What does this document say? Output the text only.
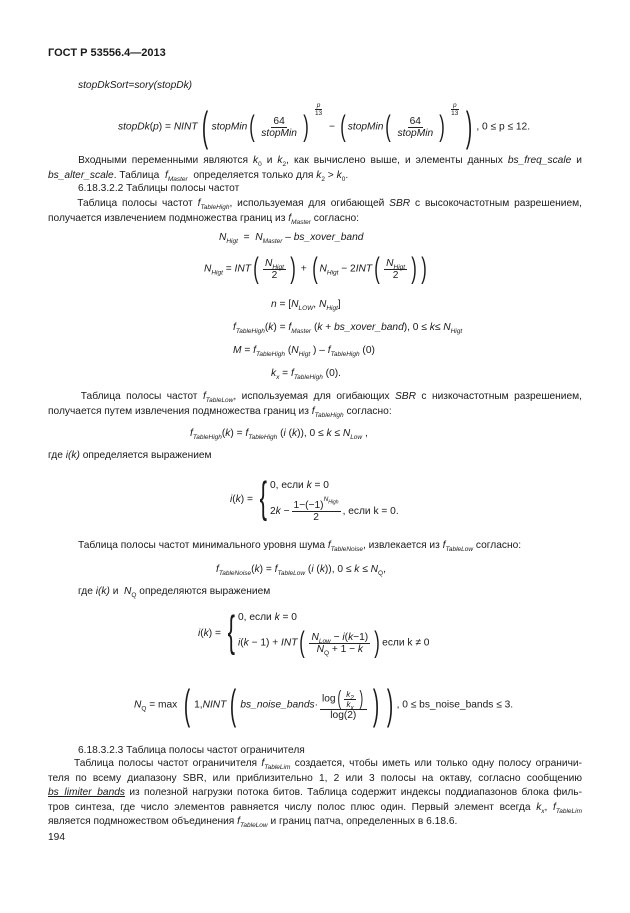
ГОСТ Р 53556.4—2013
stopDkSort=sory(stopDk)
stopDk(p) = NINT( stopMin( $\frac{64}{\text{stopMin}}$ )
$^{\frac{p}{13}}$
− ( stopMin( $\frac{64}{\text{stopMin}}$ )
$^{\frac{p}{13}}$ ) , 0 ≤ p ≤ 12.
Входными переменными являются $k_0$ и $k_2$, как вычислено выше, и элементы данных bs_freq_scale и
bs_alter_scale. Таблица  $f_{Master}$  определяется только для $k_2 > k_0$.
6.18.3.2.2 Таблицы полосы частот
Таблица полосы частот $f_{TableHigh}$, используемая для огибающей SBR с высокочастотным разрешением,
получается извлечением подмножества границ из $f_{Master}$ согласно:
$N_{Higt} = N_{Master}$ – bs_xover_band
$N_{Higt} = INT( \frac{N_{Higt}}{2}$ ) + ( $N_{Higt} - 2INT( \frac{N_{Higt}}{2}$ ) )
$n = [N_{LOW}$, $N_{Higt}$]
$f_{TableHigh}(k) = f_{Master}$ (k + bs_xover_band), $0 \le k\le N_{Higt}$
$M = f_{TableHigh}$ ($N_{Higt}$ ) – $f_{TableHigh}$ (0)
$k_x = f_{TableHigh}$ (0).
Таблица полосы частот $f_{TableLow}$, используемая для огибающих SBR с низкочастотным разрешением,
получается путем извлечения подмножества границ из $f_{TableHigh}$ согласно:
$f_{TableHigh}(k) = f_{TableHigh}$ (i (k)), $0 \le k \le N_{Low}$ ,
где i(k) определяется выражением
i(k) = { 0, если k = 0
$2k - \frac{1-(-1)^{N_{High}}}{2}$ , если k = 0.
Таблица полосы частот минимального уровня шума $f_{TableNoise}$, извлекается из $f_{TableLow}$ согласно:
$f_{TableNoise}(k) = f_{TableLow}$ (i (k)), $0 \le k \le N_Q$,
где i(k) и  $N_Q$ определяются выражением
i(k) = { 0, если k = 0
$i(k - 1) + INT( \frac{N_{Low} - i(k-1)}{N_Q + 1 - k}$ ) если k ≠ 0
$N_Q = \max$ ( 1,NINT( bs_noise_bands· $\frac{\log( \frac{k_2}{k_x} )}{\log(2)}$ ) ) , 0 ≤ bs_noise_bands ≤ 3.
6.18.3.2.3 Таблица полосы частот ограничителя
Таблица полосы частот ограничителя $f_{TableLim}$ создается, чтобы иметь или только одну полосу ограничи-
теля по всему диапазону SBR, или приблизительно 1, 2 или 3 полосы на октаву, согласно сообщению
bs_limiter_bands из полезной нагрузки потока битов. Таблица содержит индексы поддиапазонов блока филь-
тров синтеза, где число элементов равняется числу полос плюс один. Первый элемент всегда $k_x$, $f_{TableLim}$
является подмножеством объединения $f_{TableLow}$ и границ патча, определенных в 6.18.6.
194
